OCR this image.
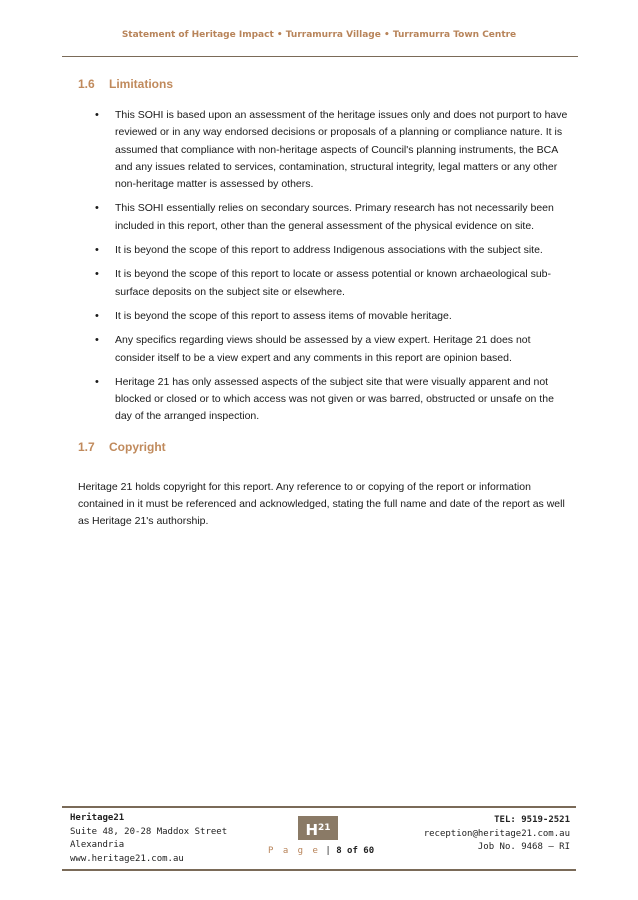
Statement of Heritage Impact • Turramurra Village • Turramurra Town Centre
1.6 Limitations
• This SOHI is based upon an assessment of the heritage issues only and does not purport to have reviewed or in any way endorsed decisions or proposals of a planning or compliance nature. It is assumed that compliance with non-heritage aspects of Council's planning instruments, the BCA and any issues related to services, contamination, structural integrity, legal matters or any other non-heritage matter is assessed by others.
• This SOHI essentially relies on secondary sources. Primary research has not necessarily been included in this report, other than the general assessment of the physical evidence on site.
• It is beyond the scope of this report to address Indigenous associations with the subject site.
• It is beyond the scope of this report to locate or assess potential or known archaeological sub-surface deposits on the subject site or elsewhere.
• It is beyond the scope of this report to assess items of movable heritage.
• Any specifics regarding views should be assessed by a view expert. Heritage 21 does not consider itself to be a view expert and any comments in this report are opinion based.
• Heritage 21 has only assessed aspects of the subject site that were visually apparent and not blocked or closed or to which access was not given or was barred, obstructed or unsafe on the day of the arranged inspection.
1.7 Copyright

Heritage 21 holds copyright for this report. Any reference to or copying of the report or information contained in it must be referenced and acknowledged, stating the full name and date of the report as well as Heritage 21's authorship.

Heritage21
Suite 48, 20-28 Maddox Street
Alexandria
www.heritage21.com.au
$H^{21}$
P a g e | 8 of 60
TEL: 9519-2521
reception@heritage21.com.au
Job No. 9468 – RI
